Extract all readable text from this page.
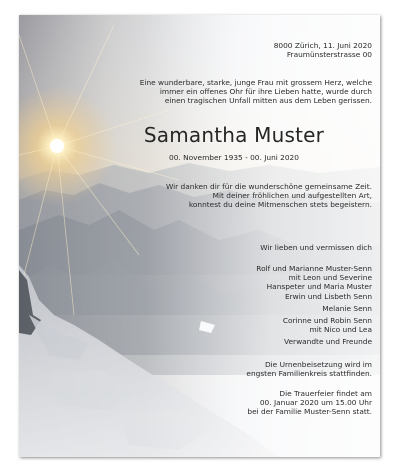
8000 Zürich, 11. Juni 2020
Fraumünsterstrasse 00
Eine wunderbare, starke, junge Frau mit grossem Herz, welche
immer ein offenes Ohr für ihre Lieben hatte, wurde durch
einen tragischen Unfall mitten aus dem Leben gerissen.
Samantha Muster
00. November 1935 - 00. Juni 2020
Wir danken dir für die wunderschöne gemeinsame Zeit.
Mit deiner fröhlichen und aufgestellten Art,
konntest du deine Mitmenschen stets begeistern.
Wir lieben und vermissen dich
Rolf und Marianne Muster-Senn
mit Leon und Severine
Hanspeter und Maria Muster
Erwin und Lisbeth Senn
Melanie Senn
Corinne und Robin Senn
mit Nico und Lea
Verwandte und Freunde
Die Urnenbeisetzung wird im
engsten Familienkreis stattﬁnden.
Die Trauerfeier ﬁndet am
00. Januar 2020 um 15.00 Uhr
bei der Familie Muster-Senn statt.
